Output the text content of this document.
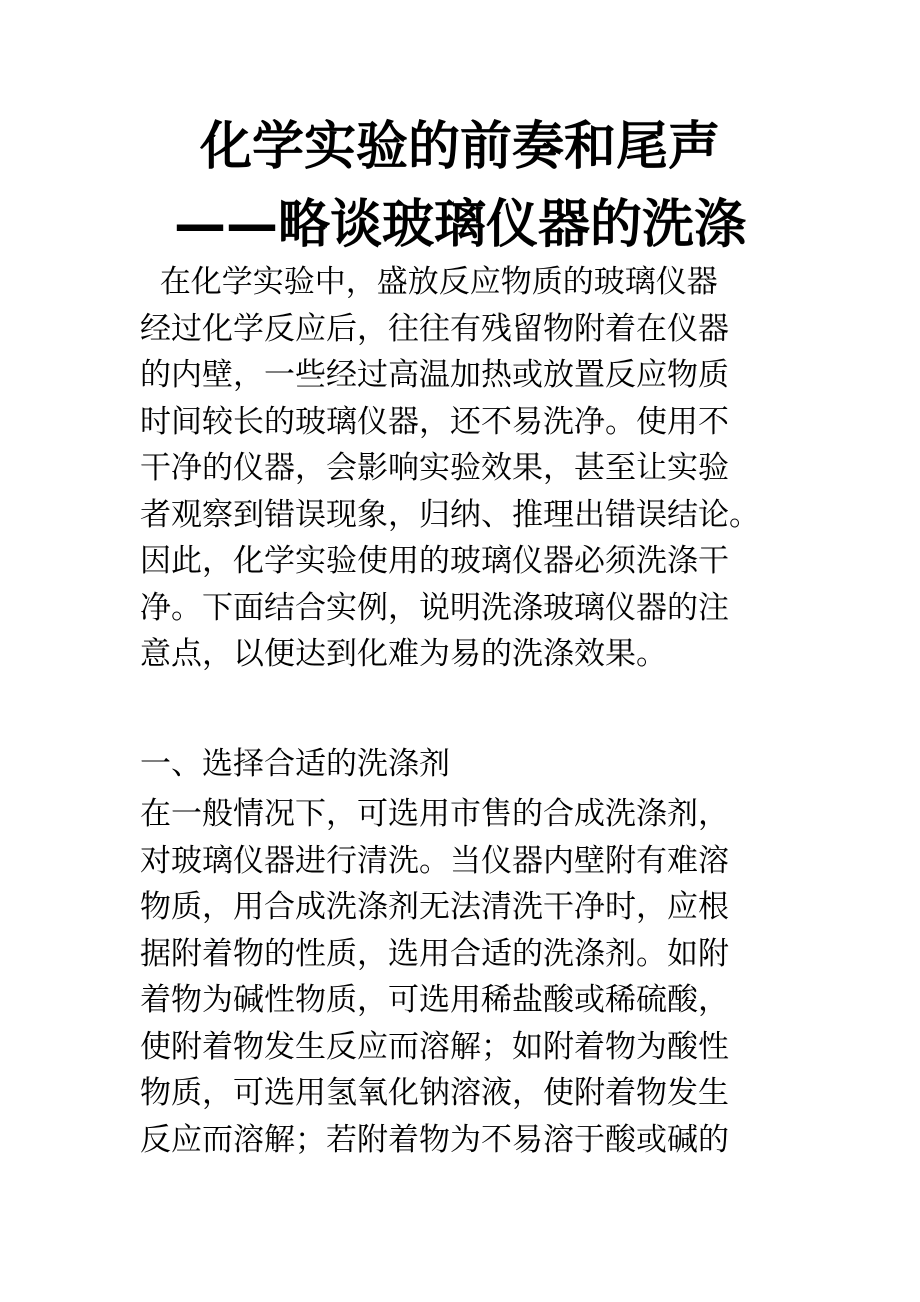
化学实验的前奏和尾声
——略谈玻璃仪器的洗涤
在化学实验中，盛放反应物质的玻璃仪器
经过化学反应后，往往有残留物附着在仪器
的内壁，一些经过高温加热或放置反应物质
时间较长的玻璃仪器，还不易洗净。使用不
干净的仪器，会影响实验效果，甚至让实验
者观察到错误现象，归纳、推理出错误结论。
因此，化学实验使用的玻璃仪器必须洗涤干
净。下面结合实例，说明洗涤玻璃仪器的注
意点，以便达到化难为易的洗涤效果。
一、选择合适的洗涤剂
在一般情况下，可选用市售的合成洗涤剂，
对玻璃仪器进行清洗。当仪器内壁附有难溶
物质，用合成洗涤剂无法清洗干净时，应根
据附着物的性质，选用合适的洗涤剂。如附
着物为碱性物质，可选用稀盐酸或稀硫酸，
使附着物发生反应而溶解；如附着物为酸性
物质，可选用氢氧化钠溶液，使附着物发生
反应而溶解；若附着物为不易溶于酸或碱的
